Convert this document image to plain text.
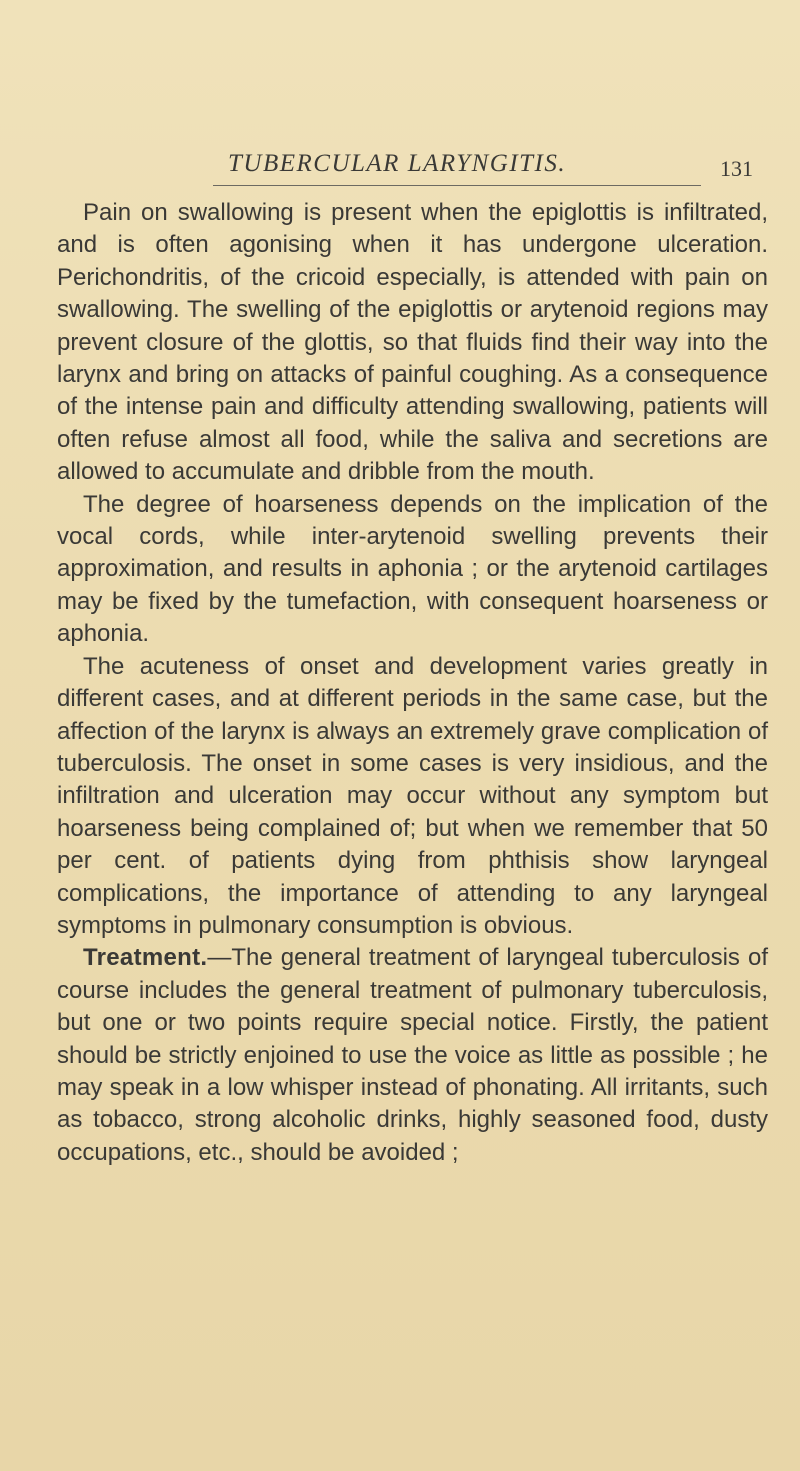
TUBERCULAR LARYNGITIS.	131

Pain on swallowing is present when the epiglottis is infiltrated, and is often agonising when it has undergone ulceration. Perichondritis, of the cricoid especially, is attended with pain on swallowing. The swelling of the epiglottis or arytenoid regions may prevent closure of the glottis, so that fluids find their way into the larynx and bring on attacks of painful coughing. As a consequence of the intense pain and difficulty attending swallowing, patients will often refuse almost all food, while the saliva and secretions are allowed to accumulate and dribble from the mouth.

The degree of hoarseness depends on the implication of the vocal cords, while inter-arytenoid swelling prevents their approximation, and results in aphonia ; or the arytenoid cartilages may be fixed by the tumefaction, with consequent hoarseness or aphonia.

The acuteness of onset and development varies greatly in different cases, and at different periods in the same case, but the affection of the larynx is always an extremely grave complication of tuberculosis. The onset in some cases is very insidious, and the infiltration and ulceration may occur without any symptom but hoarseness being complained of; but when we remember that 50 per cent. of patients dying from phthisis show laryngeal complications, the importance of attending to any laryngeal symptoms in pulmonary consumption is obvious.

Treatment.—The general treatment of laryngeal tuberculosis of course includes the general treatment of pulmonary tuberculosis, but one or two points require special notice. Firstly, the patient should be strictly enjoined to use the voice as little as possible ; he may speak in a low whisper instead of phonating. All irritants, such as tobacco, strong alcoholic drinks, highly seasoned food, dusty occupations, etc., should be avoided ;
